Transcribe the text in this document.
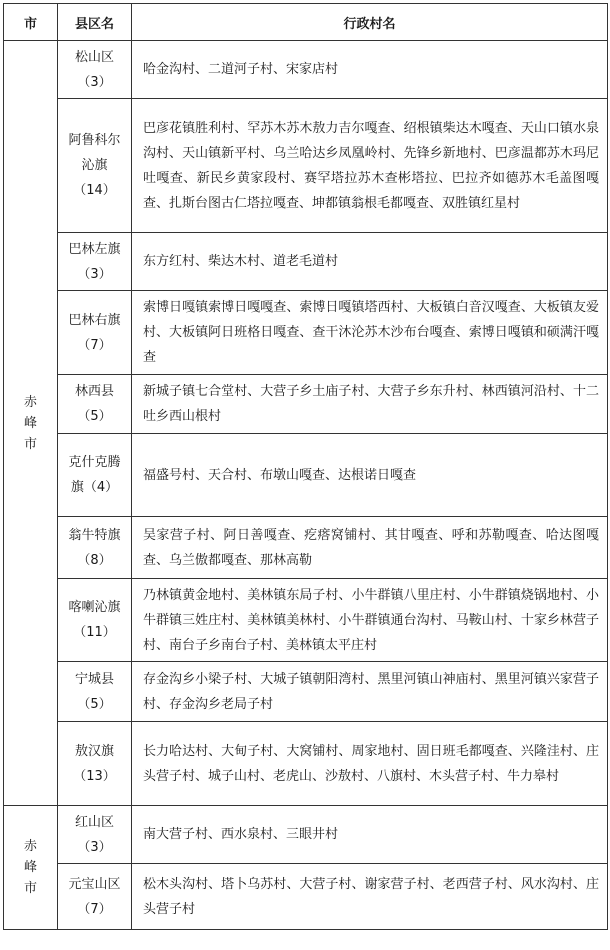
市	县区名	行政村名
赤峰市	松山区（3）	哈金沟村、二道河子村、宋家店村
	阿鲁科尔沁旗（14）	巴彦花镇胜利村、罕苏木苏木敖力吉尔嘎查、绍根镇柴达木嘎查、天山口镇水泉沟村、天山镇新平村、乌兰哈达乡凤凰岭村、先锋乡新地村、巴彦温都苏木玛尼吐嘎查、新民乡黄家段村、赛罕塔拉苏木查彬塔拉、巴拉齐如德苏木毛盖图嘎查、扎斯台图古仁塔拉嘎查、坤都镇翁根毛都嘎查、双胜镇红星村
	巴林左旗（3）	东方红村、柴达木村、道老毛道村
	巴林右旗（7）	索博日嘎镇索博日嘎嘎查、索博日嘎镇塔西村、大板镇白音汉嘎查、大板镇友爱村、大板镇阿日班格日嘎查、查干沐沦苏木沙布台嘎查、索博日嘎镇和硕满汗嘎查
	林西县（5）	新城子镇七合堂村、大营子乡土庙子村、大营子乡东升村、林西镇河沿村、十二吐乡西山根村
	克什克腾旗（4）	福盛号村、天合村、布墩山嘎查、达根诺日嘎查
	翁牛特旗（8）	吴家营子村、阿日善嘎查、疙瘩窝铺村、其甘嘎查、呼和苏勒嘎查、哈达图嘎查、乌兰傲都嘎查、那林高勒
	喀喇沁旗（11）	乃林镇黄金地村、美林镇东局子村、小牛群镇八里庄村、小牛群镇烧锅地村、小牛群镇三姓庄村、美林镇美林村、小牛群镇通台沟村、马鞍山村、十家乡林营子村、南台子乡南台子村、美林镇太平庄村
	宁城县（5）	存金沟乡小梁子村、大城子镇朝阳湾村、黑里河镇山神庙村、黑里河镇兴家营子村、存金沟乡老局子村
	敖汉旗（13）	长力哈达村、大甸子村、大窝铺村、周家地村、固日班毛都嘎查、兴隆洼村、庄头营子村、城子山村、老虎山、沙敖村、八旗村、木头营子村、牛力皋村
赤峰市	红山区（3）	南大营子村、西水泉村、三眼井村
	元宝山区（7）	松木头沟村、塔卜乌苏村、大营子村、谢家营子村、老西营子村、风水沟村、庄头营子村
